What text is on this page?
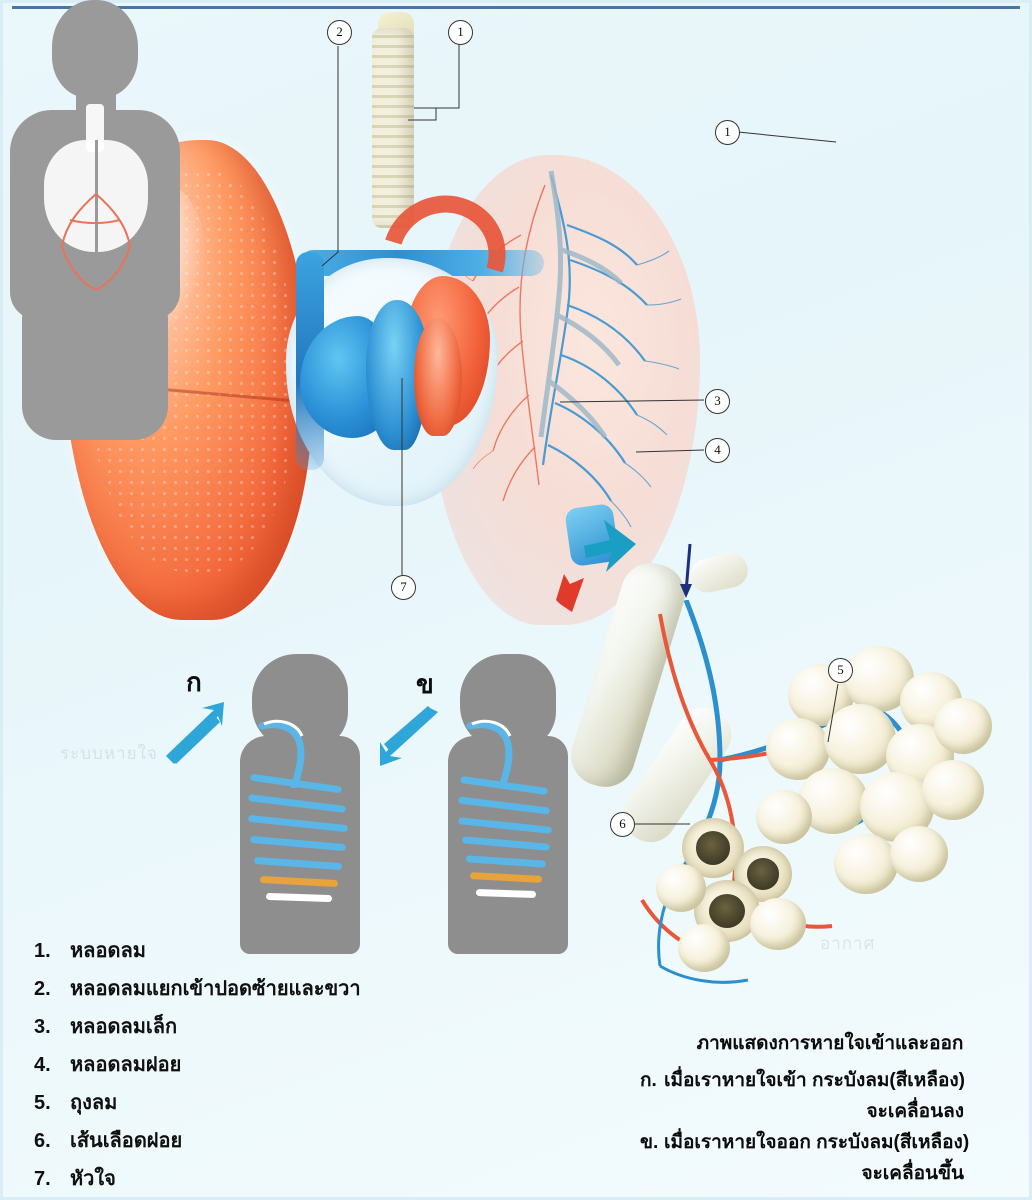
ระบบหายใจ
อากาศ
ก	ข
1
2
3
4
5
6
7
1
1. หลอดลม
2. หลอดลมแยกเข้าปอดซ้ายและขวา
3. หลอดลมเล็ก
4. หลอดลมฝอย
5. ถุงลม
6. เส้นเลือดฝอย
7. หัวใจ
ภาพแสดงการหายใจเข้าและออก
ก. เมื่อเราหายใจเข้า กระบังลม(สีเหลือง)
จะเคลื่อนลง
ข. เมื่อเราหายใจออก กระบังลม(สีเหลือง)
จะเคลื่อนขึ้น
